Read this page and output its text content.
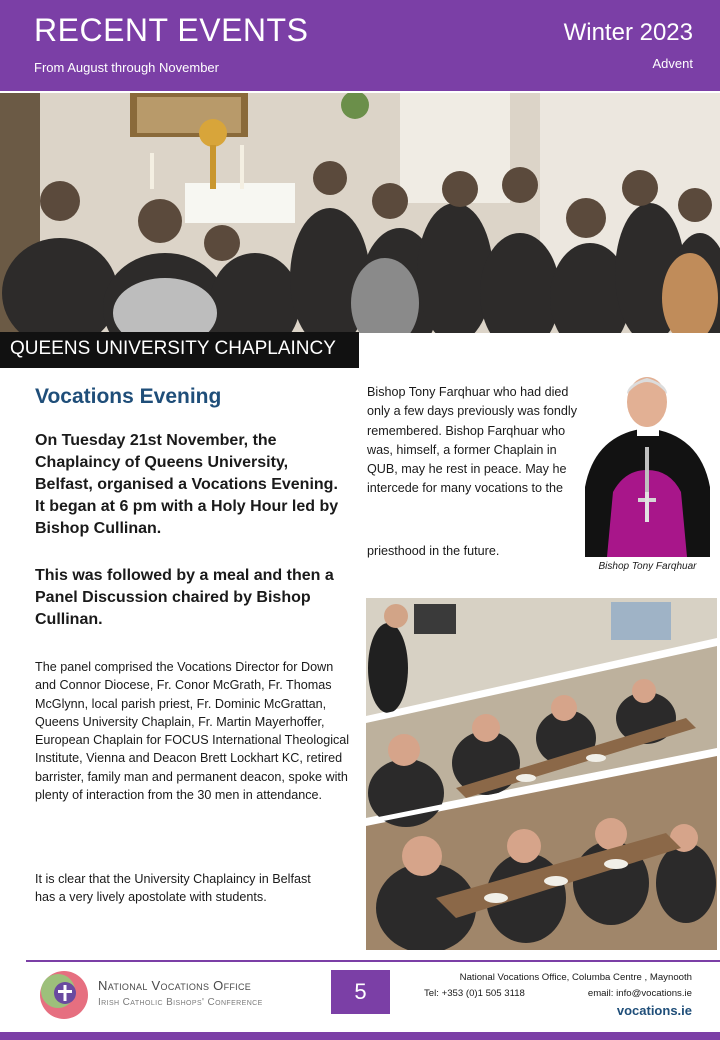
RECENT EVENTS
From August through November
Winter 2023
Advent
QUEENS UNIVERSITY CHAPLAINCY
Vocations Evening
On Tuesday 21st November, the Chaplaincy of Queens University, Belfast, organised a Vocations Evening. It began at 6 pm with a Holy Hour led by Bishop Cullinan.
This was followed by a meal and then a Panel Discussion chaired by Bishop Cullinan.
The panel comprised the Vocations Director for Down and Connor Diocese, Fr. Conor McGrath, Fr. Thomas McGlynn, local parish priest, Fr. Dominic McGrattan, Queens University Chaplain, Fr. Martin Mayerhoffer, European Chaplain for FOCUS International Theological Institute, Vienna and Deacon Brett Lockhart KC, retired barrister, family man and permanent deacon, spoke with plenty of interaction from the 30 men in attendance.
It is clear that the University Chaplaincy in Belfast has a very lively apostolate with students.
Bishop Tony Farqhuar who had died only a few days previously was fondly remembered. Bishop Farqhuar who was, himself, a former Chaplain in QUB, may he rest in peace. May he intercede for many vocations to the
priesthood in the future.
Bishop Tony Farqhuar
National Vocations Office
Irish Catholic Bishops' Conference	5
National Vocations Office, Columba Centre , Maynooth
Tel: +353 (0)1 505 3118	email: info@vocations.ie
vocations.ie
